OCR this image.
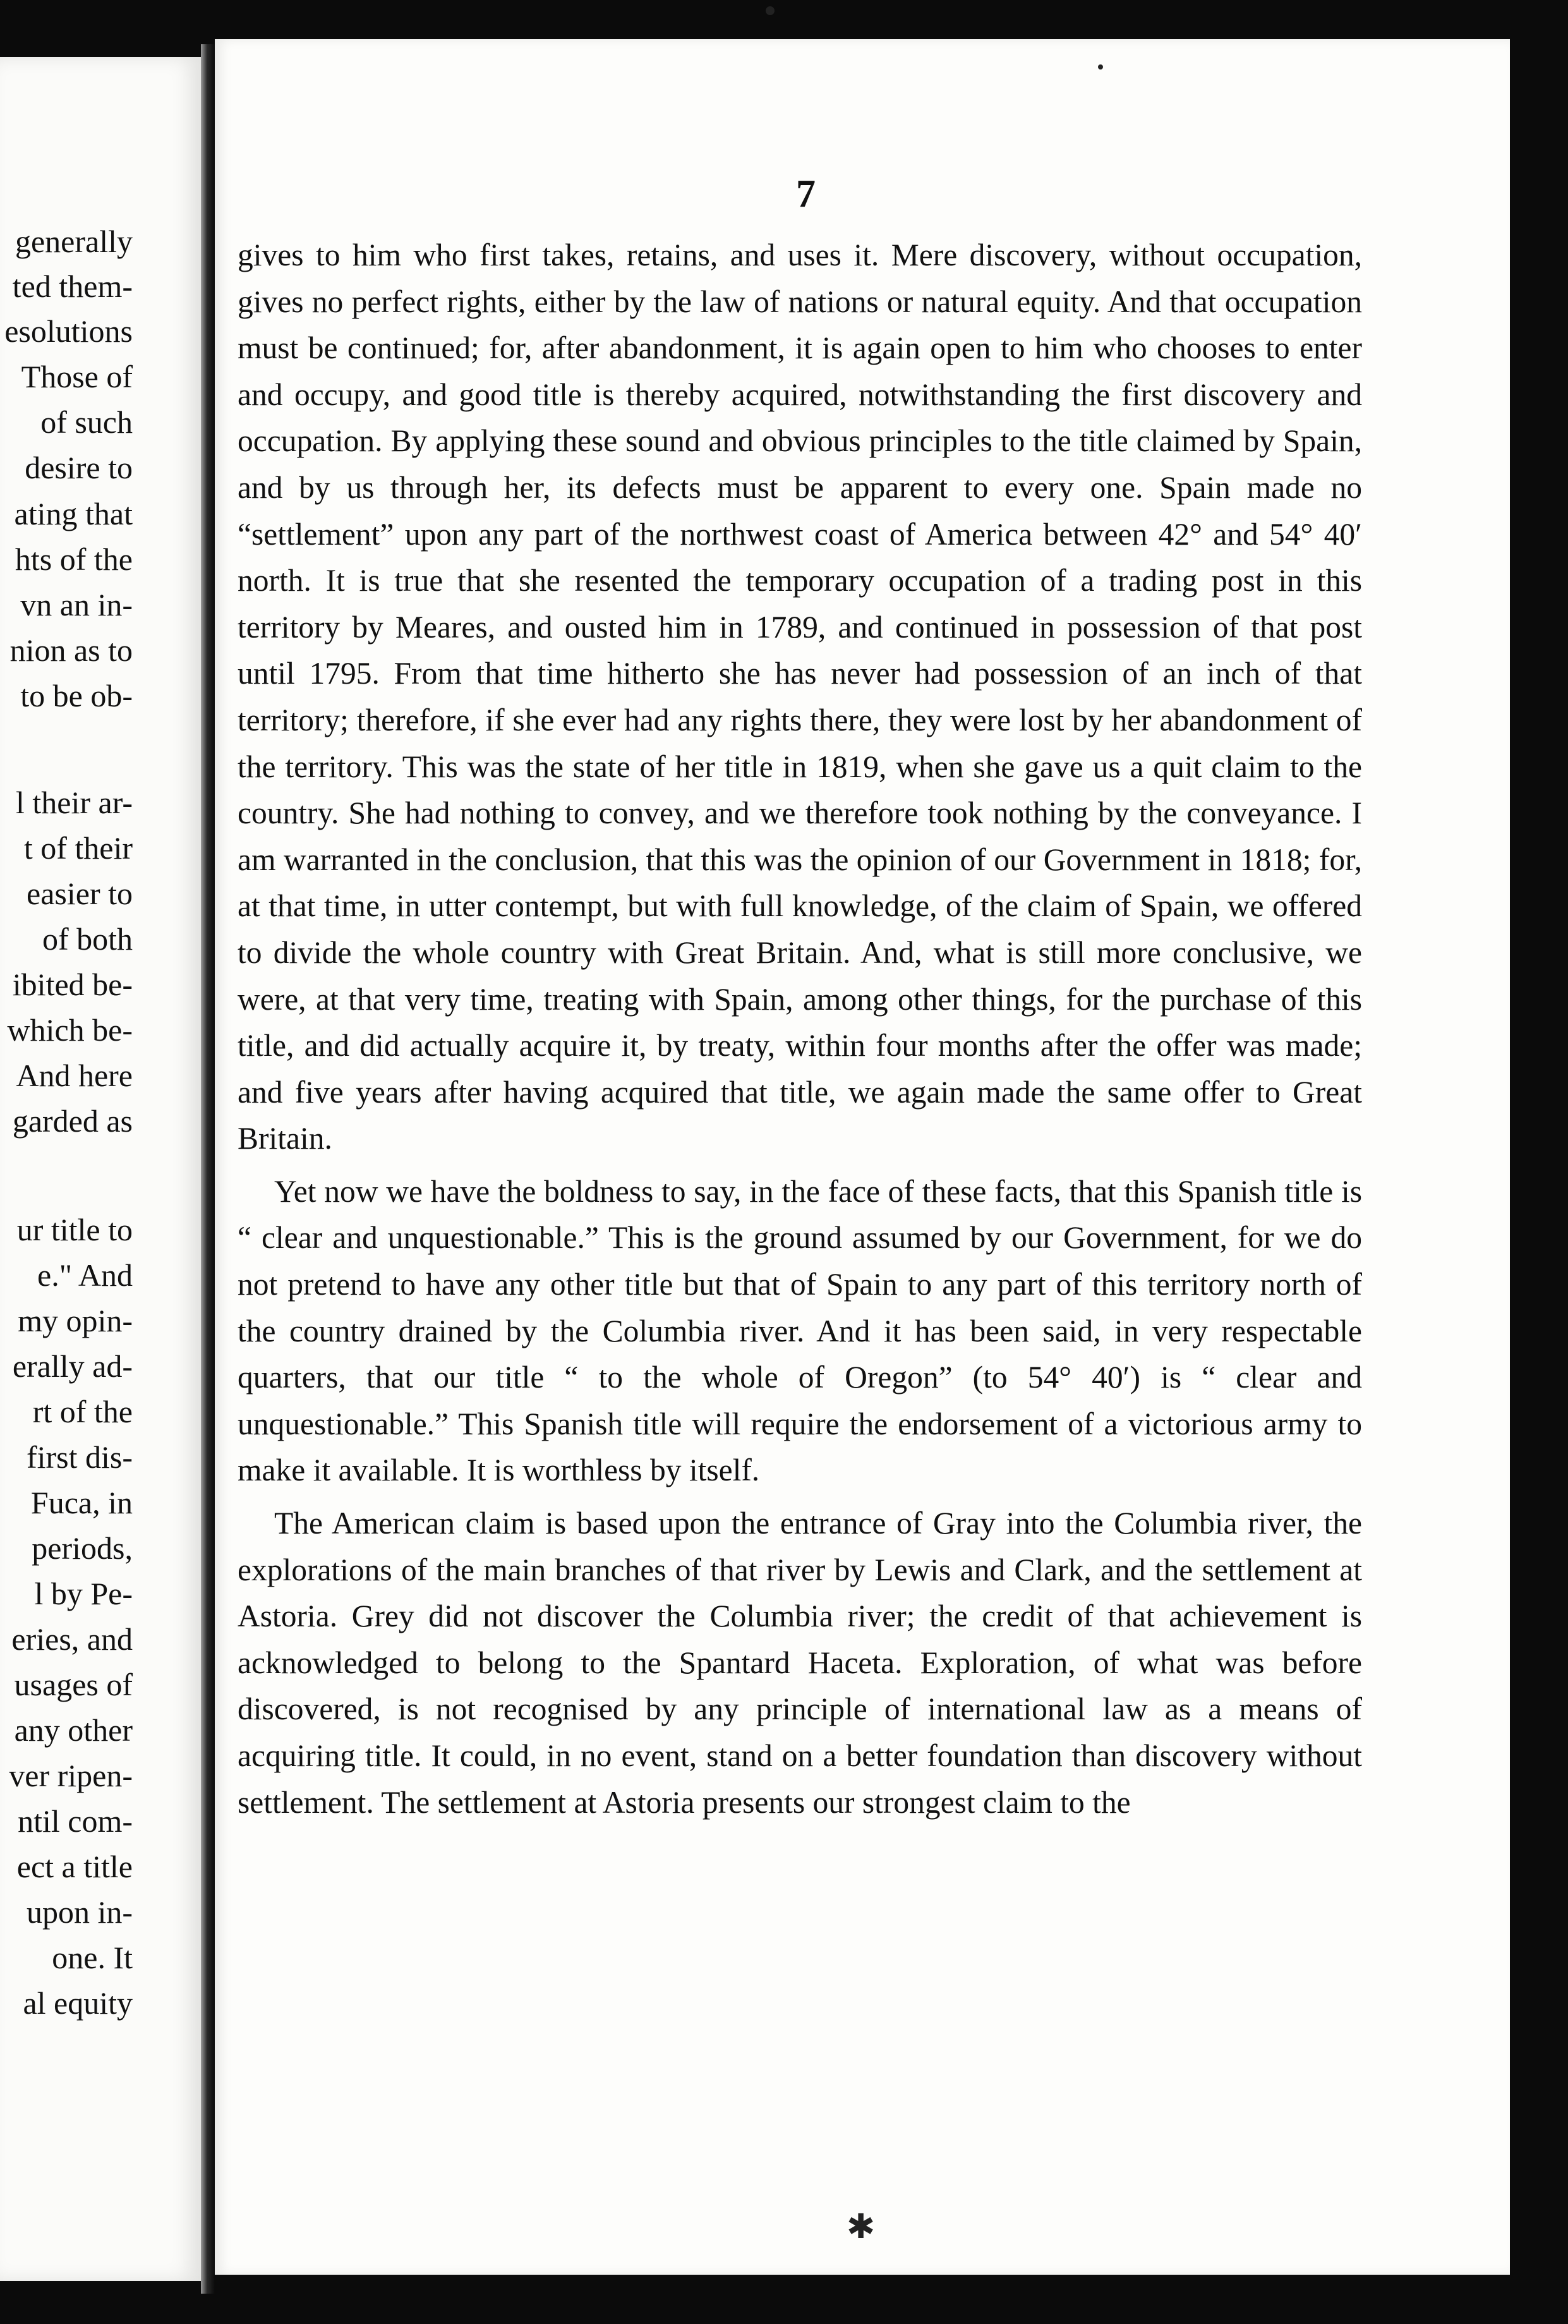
generally
ted them-
esolutions
Those of
of such
desire to
ating that
hts of the
vn an in-
nion as to
to be ob-
l their ar-
t of their
easier to
of both
ibited be-
which be-
And here
garded as
ur title to
e." And
my opin-
erally ad-
rt of the
first dis-
Fuca, in
periods,
l by Pe-
eries, and
usages of
any other
ver ripen-
ntil com-
ect a title
upon in-
one. It
al equity
7

gives to him who first takes, retains, and uses it. Mere discovery, without occupation, gives no perfect rights, either by the law of nations or natural equity. And that occupation must be continued; for, after abandonment, it is again open to him who chooses to enter and occupy, and good title is thereby acquired, notwithstanding the first discovery and occupation. By applying these sound and obvious principles to the title claimed by Spain, and by us through her, its defects must be apparent to every one. Spain made no “settlement” upon any part of the northwest coast of America between 42° and 54° 40′ north. It is true that she resented the temporary occupation of a trading post in this territory by Meares, and ousted him in 1789, and continued in possession of that post until 1795. From that time hitherto she has never had possession of an inch of that territory; therefore, if she ever had any rights there, they were lost by her abandonment of the territory. This was the state of her title in 1819, when she gave us a quit claim to the country. She had nothing to convey, and we therefore took nothing by the conveyance. I am warranted in the conclusion, that this was the opinion of our Government in 1818; for, at that time, in utter contempt, but with full knowledge, of the claim of Spain, we offered to divide the whole country with Great Britain. And, what is still more conclusive, we were, at that very time, treating with Spain, among other things, for the purchase of this title, and did actually acquire it, by treaty, within four months after the offer was made; and five years after having acquired that title, we again made the same offer to Great Britain.

Yet now we have the boldness to say, in the face of these facts, that this Spanish title is “ clear and unquestionable.” This is the ground assumed by our Government, for we do not pretend to have any other title but that of Spain to any part of this territory north of the country drained by the Columbia river. And it has been said, in very respectable quarters, that our title “ to the whole of Oregon” (to 54° 40′) is “ clear and unquestionable.” This Spanish title will require the endorsement of a victorious army to make it available. It is worthless by itself.

The American claim is based upon the entrance of Gray into the Columbia river, the explorations of the main branches of that river by Lewis and Clark, and the settlement at Astoria. Grey did not discover the Columbia river; the credit of that achievement is acknowledged to belong to the Spantard Haceta. Exploration, of what was before discovered, is not recognised by any principle of international law as a means of acquiring title. It could, in no event, stand on a better foundation than discovery without settlement. The settlement at Astoria presents our strongest claim to the

✱
